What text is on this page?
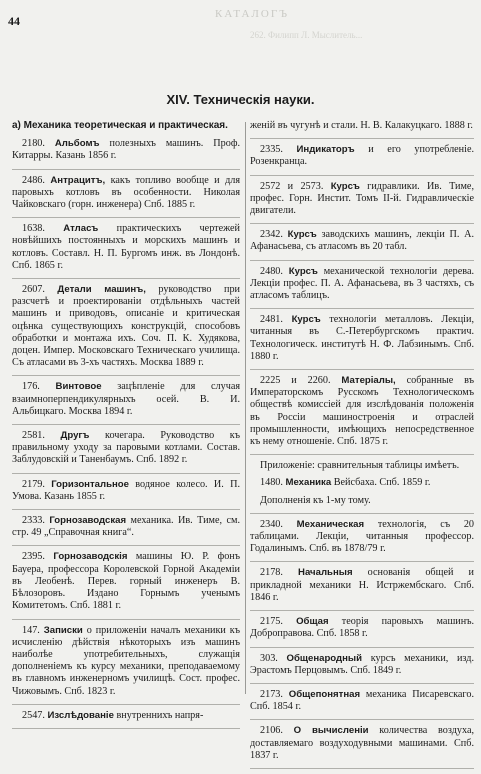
44	КАТАЛОГЪ
262. Филипп Л. Мыслитель...
XIV. Техническія науки.
а) Механика теоретическая и практическая.

2180. Альбомъ полезныхъ машинъ. Проф. Китарры. Казань 1856 г.

2486. Антрацитъ, какъ топливо вообще и для паровыхъ котловъ въ особенности. Николая Чайковскаго (горн. инженера) Спб. 1885 г.

1638. Атласъ практическихъ чертежей новѣйшихъ постоянныхъ и морскихъ машинъ и котловъ. Составл. Н. П. Бургомъ инж. въ Лондонѣ. Спб. 1865 г.

2607. Детали машинъ, руководство при разсчетѣ и проектированіи отдѣльныхъ частей машинъ и приводовъ, описаніе и критическая оцѣнка существующихъ конструкцій, способовъ обработки и монтажа ихъ. Соч. П. К. Худякова, доцен. Импер. Московскаго Техническаго училища. Съ атласами въ 3-хъ частяхъ. Москва 1889 г.

176. Винтовое зацѣпленіе для случая взаимноперпендикулярныхъ осей. В. И. Альбицкаго. Москва 1894 г.

2581. Другъ кочегара. Руководство къ правильному уходу за паровыми котлами. Состав. Заблудовскій и Таненбаумъ. Спб. 1892 г.

2179. Горизонтальное водяное колесо. И. П. Умова. Казань 1855 г.

2333. Горнозаводская механика. Ив. Тиме, см. стр. 49 „Справочная книга“.

2395. Горнозаводскія машины Ю. Р. фонъ Бауера, профессора Королевской Горной Академіи въ Леобенѣ. Перев. горный инженеръ В. Бѣлозоровъ. Издано Горнымъ ученымъ Комитетомъ. Спб. 1881 г.

147. Записки о приложеніи началъ механики къ исчисленію дѣйствія нѣкоторыхъ изъ машинъ наиболѣе употребительныхъ, служащія дополненіемъ къ курсу механики, преподаваемому въ главномъ инженерномъ училищѣ. Сост. профес. Чижовымъ. Спб. 1823 г.

2547. Изслѣдованіе внутреннихъ напря-

женій въ чугунѣ и стали. Н. В. Калакуцкаго. 1888 г.

2335. Индикаторъ и его употребленіе. Розенкранца.

2572 и 2573. Курсъ гидравлики. Ив. Тиме, профес. Горн. Инстит. Томъ II-й. Гидравлическіе двигатели.

2342. Курсъ заводскихъ машинъ, лекціи П. А. Афанасьева, съ атласомъ въ 20 табл.

2480. Курсъ механической технологіи дерева. Лекціи профес. П. А. Афанасьева, въ 3 частяхъ, съ атласомъ таблицъ.

2481. Курсъ технологіи металловъ. Лекціи, читанныя въ С.-Петербургскомъ практич. Технологическ. институтѣ Н. Ф. Лабзинымъ. Спб. 1880 г.

2225 и 2260. Матеріалы, собранные въ Императорскомъ Русскомъ Технологическомъ обществѣ комиссіей для изслѣдованія положенія въ Россіи машиностроенія и отраслей промышленности, имѣющихъ непосредственное къ нему отношеніе. Спб. 1875 г.

Приложеніе: сравнительныя таблицы имѣетъ.

1480. Механика Вейсбаха. Спб. 1859 г.

Дополненія къ 1-му тому.

2340. Механическая технологія, съ 20 таблицами. Лекціи, читанныя профессор. Годалинымъ. Спб. въ 1878/79 г.

2178. Начальныя основанія общей и прикладной механики Н. Истржембскаго. Спб. 1846 г.

2175. Общая теорія паровыхъ машинъ. Доброправова. Спб. 1858 г.

303. Общенародный курсъ механики, изд. Эрастомъ Перцовымъ. Спб. 1849 г.

2173. Общепонятная механика Писаревскаго. Спб. 1854 г.

2106. О вычисленіи количества воздуха, доставляемаго воздуходувными машинами. Спб. 1837 г.
